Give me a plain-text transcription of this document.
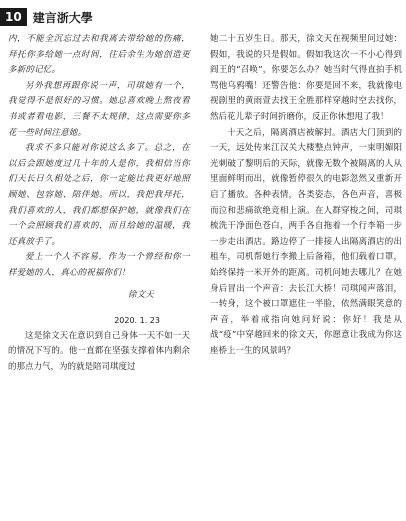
10 建言浙大學

内，不能全沉忘过去和我离去带给她的伤痛，拜托你多给她一点时间，往后余生为她创造更多新的记忆。

另外我想再跟你说一声，司琪她有一个，我觉得不是很好的习惯。她总喜欢晚上熬夜看书或者看电影，三餐不太规律，这点需要你多花一些时间注意她。

我求不多只能对你说这么多了。总之，在以后会跟她度过几十年的人是你，我相信当你们天长日久相处之后，你一定能比我更好地照顾她、包容她、陪伴她。所以，我把我拜托，我们喜欢的人，我们都想保护她，就像我们在一个会照顾我们喜欢的，而且给她的温暖，我还真放手了。

爱上一个人不容易，作为一个曾经和你一样爱她的人，真心的祝福你们！

徐文天

2020. 1. 23

这是徐文天在意识到自己身体一天不如一天的情况下写的。他一直都在坚强支撑着体内剩余的那点力气，为的就是陪司琪度过

她二十五岁生日。那天，徐文天在视频里问过她：假如，我说的只是假如。假如我这次一不小心得到阎王的“召唤”，你要怎么办？她当时气得直拍手机骂他乌鸦嘴！还警告他：你要是回不来，我就像电视剧里的黄雨萱去找王全胜那样穿越时空去找你，然后花儿辈子时间折磨你，反正你休想甩了我！

十天之后，隔离酒店被解封。酒店大门顶到的一天，远处传来江汉关大楼整点钟声，一束明媚阳光刺破了黎明后的天际，就像无数个被隔离的人从里面鲜明而出，就像暂停很久的电影忽然又重新开启了播放。各种表情，各类姿态，各色声音，喜极而泣和悲痛欲绝竞相上演。在人群穿梭之间，司琪梳洗干净面色苍白，两手各自拖着一个行李箱一步一步走出酒店。路边停了一排接人出隔离酒店的出租车，司机帮她行李搬上后备箱，他们载着口罩，始终保持一米开外的距离。司机问她去哪儿？在她身后冒出一个声音：去长江大桥！司琪闻声落泪，一转身，这个被口罩遮住一半脸，依然满眼笑意的声音，举着戒指向她问好说：你好！我是从战“疫”中穿越回来的徐文天，你愿意让我成为你这座桥上一生的风景吗？
